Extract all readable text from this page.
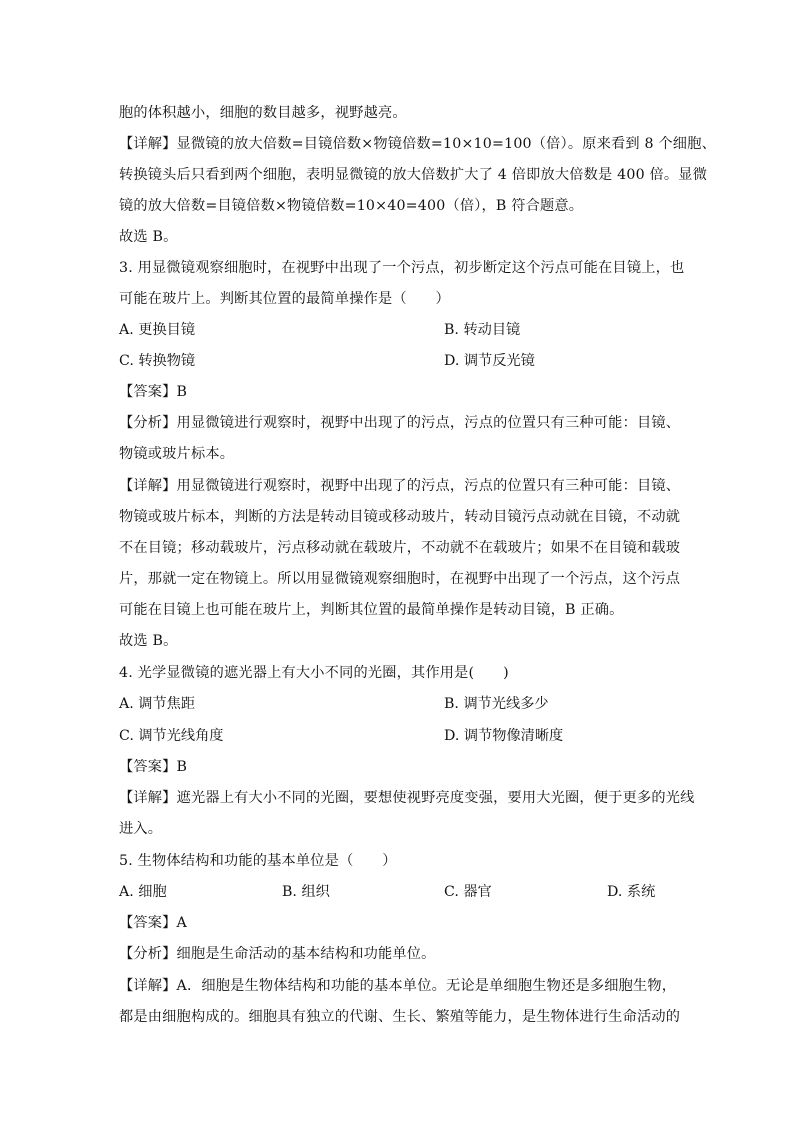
胞的体积越小，细胞的数目越多，视野越亮。
【详解】显微镜的放大倍数=目镜倍数×物镜倍数=10×10=100（倍）。原来看到 8 个细胞、
转换镜头后只看到两个细胞，表明显微镜的放大倍数扩大了 4 倍即放大倍数是 400 倍。显微
镜的放大倍数=目镜倍数×物镜倍数=10×40=400（倍），B 符合题意。
故选 B。
3. 用显微镜观察细胞时，在视野中出现了一个污点，初步断定这个污点可能在目镜上，也
可能在玻片上。判断其位置的最简单操作是（　　）
A. 更换目镜	B. 转动目镜
C. 转换物镜	D. 调节反光镜
【答案】B
【分析】用显微镜进行观察时，视野中出现了的污点，污点的位置只有三种可能：目镜、
物镜或玻片标本。
【详解】用显微镜进行观察时，视野中出现了的污点，污点的位置只有三种可能：目镜、
物镜或玻片标本，判断的方法是转动目镜或移动玻片，转动目镜污点动就在目镜，不动就
不在目镜；移动载玻片，污点移动就在载玻片，不动就不在载玻片；如果不在目镜和载玻
片，那就一定在物镜上。所以用显微镜观察细胞时，在视野中出现了一个污点，这个污点
可能在目镜上也可能在玻片上，判断其位置的最简单操作是转动目镜，B 正确。
故选 B。
4. 光学显微镜的遮光器上有大小不同的光圈，其作用是(　　)
A. 调节焦距	B. 调节光线多少
C. 调节光线角度	D. 调节物像清晰度
【答案】B
【详解】遮光器上有大小不同的光圈，要想使视野亮度变强，要用大光圈，便于更多的光线
进入。
5. 生物体结构和功能的基本单位是（　　）
A. 细胞	B. 组织	C. 器官	D. 系统
【答案】A
【分析】细胞是生命活动的基本结构和功能单位。
【详解】A．细胞是生物体结构和功能的基本单位。无论是单细胞生物还是多细胞生物，
都是由细胞构成的。细胞具有独立的代谢、生长、繁殖等能力，是生物体进行生命活动的
